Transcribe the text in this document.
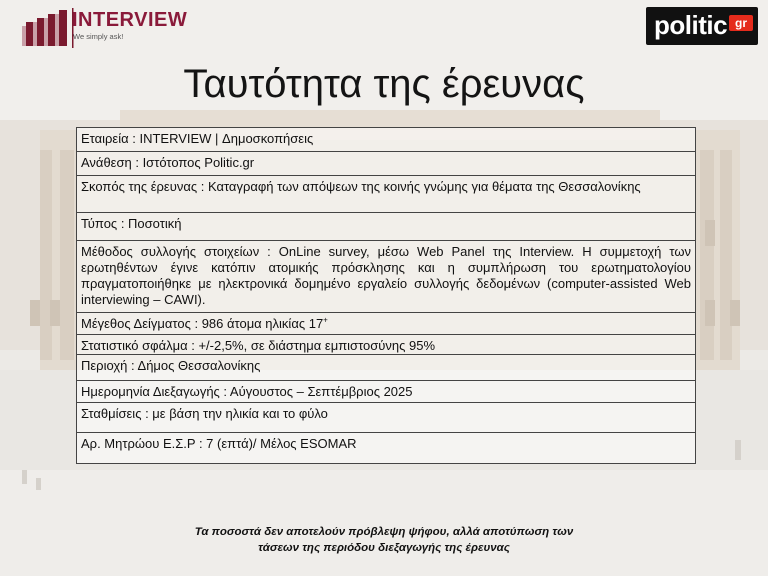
INTERVIEW
We simply ask!	politic gr
Ταυτότητα της έρευνας
Εταιρεία : INTERVIEW | Δημοσκοπήσεις
Ανάθεση : Ιστότοπος Politic.gr
Σκοπός της έρευνας : Καταγραφή των απόψεων της κοινής γνώμης για θέματα της Θεσσαλονίκης
Τύπος : Ποσοτική
Μέθοδος συλλογής στοιχείων : OnLine survey, μέσω Web Panel της Interview. Η συμμετοχή των ερωτηθέντων έγινε κατόπιν ατομικής πρόσκλησης και η συμπλήρωση του ερωτηματολογίου πραγματοποιήθηκε με ηλεκτρονικά δομημένο εργαλείο συλλογής δεδομένων (computer-assisted Web interviewing – CAWI).
Μέγεθος Δείγματος : 986 άτομα ηλικίας 17+
Στατιστικό σφάλμα : +/-2,5%, σε διάστημα εμπιστοσύνης 95%
Περιοχή : Δήμος Θεσσαλονίκης
Ημερομηνία Διεξαγωγής : Αύγουστος – Σεπτέμβριος 2025
Σταθμίσεις : με βάση την ηλικία και το φύλο
Αρ. Μητρώου Ε.Σ.Ρ : 7 (επτά)/ Μέλος ESOMAR
Τα ποσοστά δεν αποτελούν πρόβλεψη ψήφου, αλλά αποτύπωση των
τάσεων της περιόδου διεξαγωγής της έρευνας
